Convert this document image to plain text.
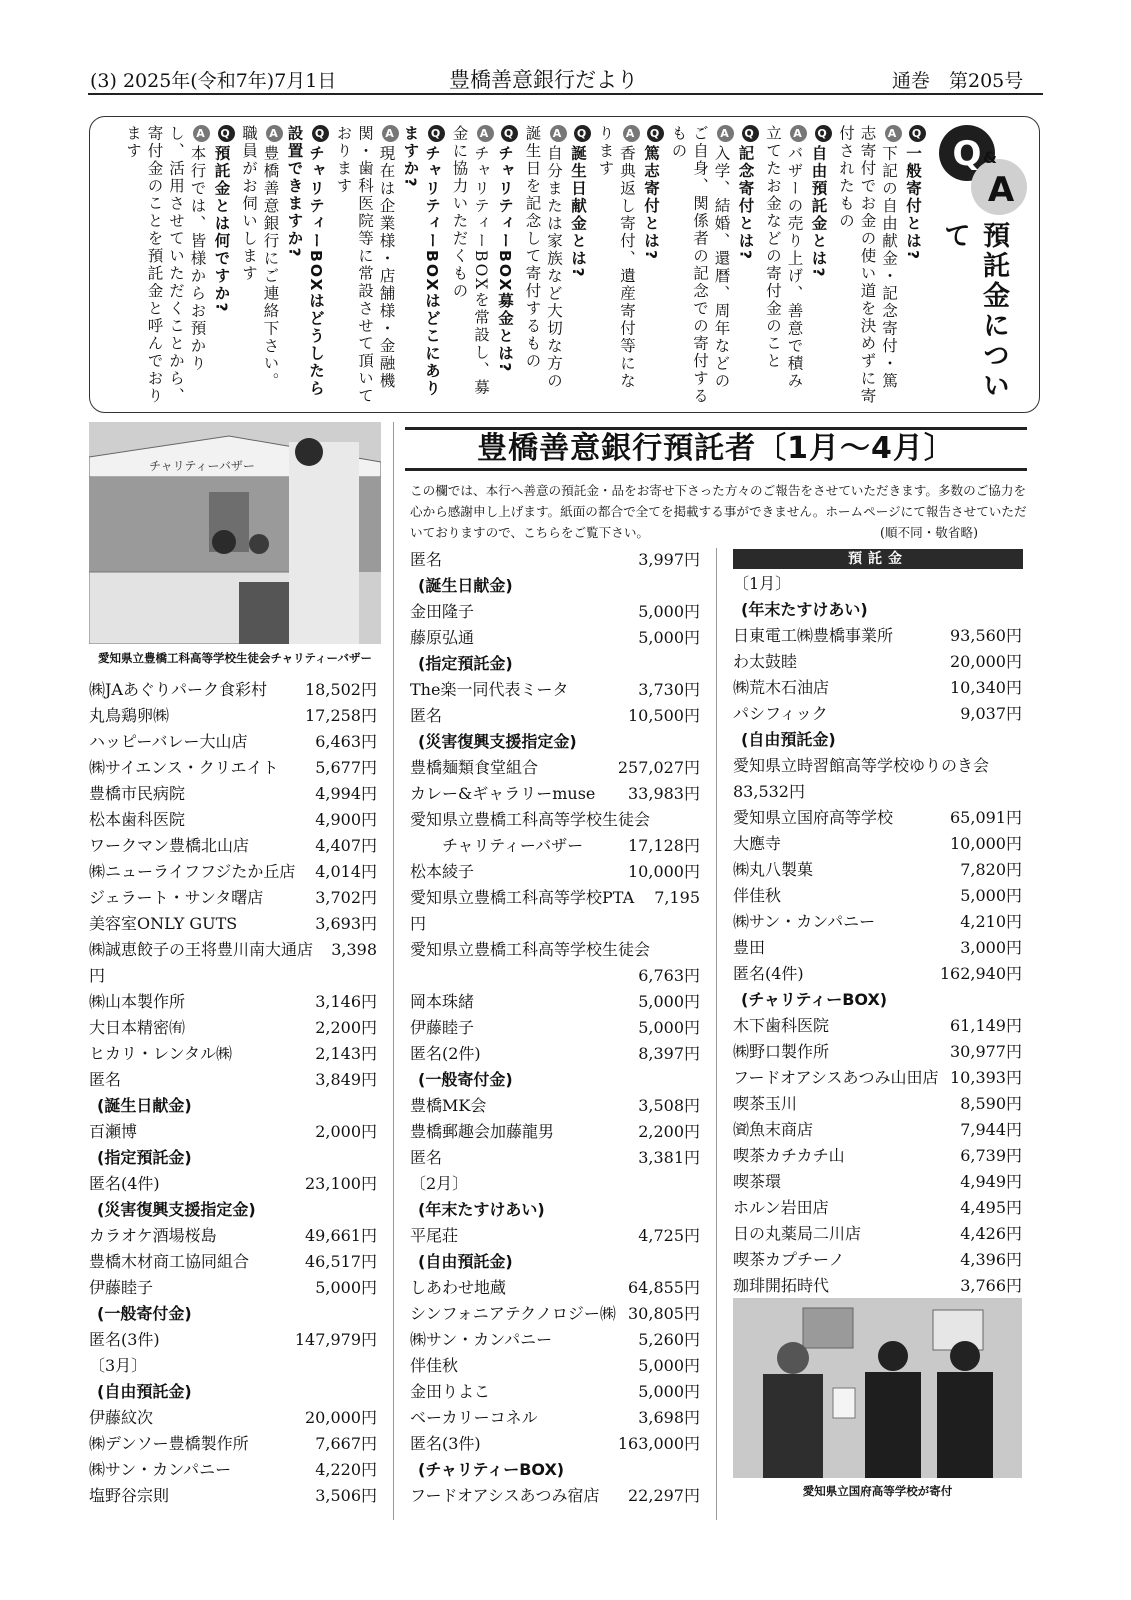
(3) 2025年(令和7年)7月1日	豊橋善意銀行だより	通巻　第205号
Q &
A
預託金について
Q一般寄付とは?
A下記の自由献金・記念寄付・篤志寄付でお金の使い道を決めずに寄付されたもの
Q自由預託金とは?
Aバザーの売り上げ、善意で積み立てたお金などの寄付金のこと
Q記念寄付とは?
A入学、結婚、還暦、周年などのご自身、関係者の記念での寄付するもの
Q篤志寄付とは?
A香典返し寄付、遺産寄付等になります
Q誕生日献金とは?
A自分または家族など大切な方の誕生日を記念して寄付するもの
QチャリティーBOX募金とは?
AチャリティーBOXを常設し、募金に協力いただくもの
QチャリティーBOXはどこにありますか?
A現在は企業様・店舗様・金融機関・歯科医院等に常設させて頂いております
QチャリティーBOXはどうしたら設置できますか?
A豊橋善意銀行にご連絡下さい。職員がお伺いします
Q預託金とは何ですか?
A本行では、皆様からお預かりし、活用させていただくことから、寄付金のことを預託金と呼んでおります
チャリティーバザー
愛知県立豊橋工科高等学校生徒会チャリティーバザー
豊橋善意銀行預託者〔1月～4月〕
この欄では、本行へ善意の預託金・品をお寄せ下さった方々のご報告をさせていただきます。多数のご協力を心から感謝申し上げます。紙面の都合で全てを掲載する事ができません。ホームページにて報告させていただいておりますので、こちらをご覧下さい。	(順不同・敬省略)
預託金
㈱JAあぐりパーク食彩村 18,502円
丸鳥鶏卵㈱	17,258円
ハッピーバレー大山店	6,463円
㈱サイエンス・クリエイト 5,677円
豊橋市民病院	4,994円
松本歯科医院	4,900円
ワークマン豊橋北山店	4,407円
㈱ニューライフフジたか丘店 4,014円
ジェラート・サンタ曙店	3,702円
美容室ONLY GUTS	3,693円
㈱誠恵餃子の王将豊川南大通店 3,398
円
㈱山本製作所	3,146円
大日本精密㈲	2,200円
ヒカリ・レンタル㈱	2,143円
匿名	3,849円
(誕生日献金)
百瀬博	2,000円
(指定預託金)
匿名(4件)	23,100円
(災害復興支援指定金)
カラオケ酒場桜島	49,661円
豊橋木材商工協同組合	46,517円
伊藤睦子	5,000円
(一般寄付金)
匿名(3件)	147,979円
〔3月〕
(自由預託金)
伊藤紋次	20,000円
㈱デンソー豊橋製作所	7,667円
㈱サン・カンパニー	4,220円
塩野谷宗則	3,506円
匿名	3,997円
(誕生日献金)
金田隆子	5,000円
藤原弘通	5,000円
(指定預託金)
The楽一同代表ミータ	3,730円
匿名	10,500円
(災害復興支援指定金)
豊橋麺類食堂組合	257,027円
カレー&ギャラリーmuse 33,983円
愛知県立豊橋工科高等学校生徒会
　　チャリティーバザー	17,128円
松本綾子	10,000円
愛知県立豊橋工科高等学校PTA 7,195
円
愛知県立豊橋工科高等学校生徒会
6,763円
岡本珠緒	5,000円
伊藤睦子	5,000円
匿名(2件)	8,397円
(一般寄付金)
豊橋MK会	3,508円
豊橋郵趣会加藤龍男	2,200円
匿名	3,381円
〔2月〕
(年末たすけあい)
平尾荘	4,725円
(自由預託金)
しあわせ地蔵	64,855円
シンフォニアテクノロジー㈱ 30,805円
㈱サン・カンパニー	5,260円
伴佳秋	5,000円
金田りよこ	5,000円
ベーカリーコネル	3,698円
匿名(3件)	163,000円
(チャリティーBOX)
フードオアシスあつみ宿店 22,297円
〔1月〕
(年末たすけあい)
日東電工㈱豊橋事業所	93,560円
わ太鼓睦	20,000円
㈱荒木石油店	10,340円
パシフィック	9,037円
(自由預託金)
愛知県立時習館高等学校ゆりのき会
83,532円
愛知県立国府高等学校	65,091円
大應寺	10,000円
㈱丸八製菓	7,820円
伴佳秋	5,000円
㈱サン・カンパニー	4,210円
豊田	3,000円
匿名(4件)	162,940円
(チャリティーBOX)
木下歯科医院	61,149円
㈱野口製作所	30,977円
フードオアシスあつみ山田店 10,393円
喫茶玉川	8,590円
㈾魚末商店	7,944円
喫茶カチカチ山	6,739円
喫茶環	4,949円
ホルン岩田店	4,495円
日の丸薬局二川店	4,426円
喫茶カプチーノ	4,396円
珈琲開拓時代	3,766円
愛知県立国府高等学校が寄付
